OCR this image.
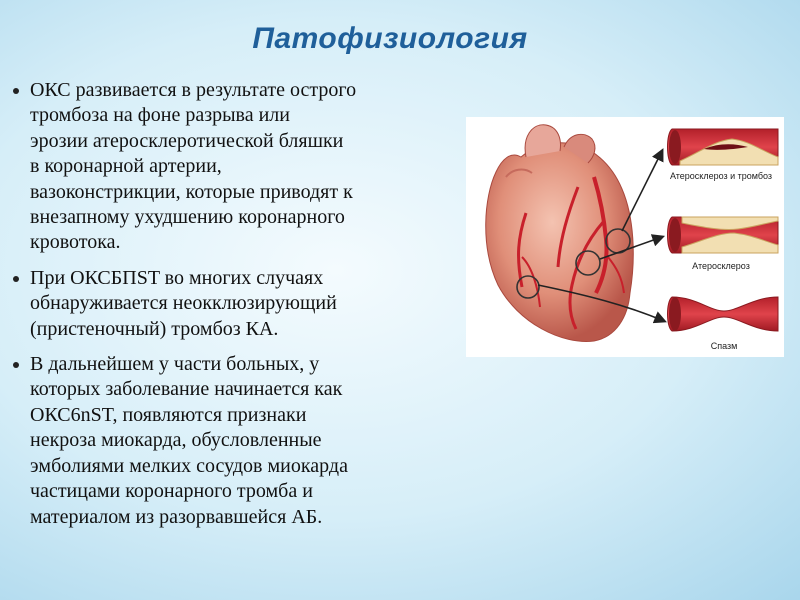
Патофизиология
ОКС развивается в результате острого
тромбоза на фоне разрыва или
эрозии атеросклеротической бляшки
в коронарной артерии,
вазоконстрикции, которые приводят к
внезапному ухудшению коронарного
кровотока.
При ОКСБПST во многих случаях
обнаруживается неокклюзирующий
(пристеночный) тромбоз КА.
В дальнейшем у части больных, у
которых заболевание начинается как
ОКС6nST, появляются признаки
некроза миокарда, обусловленные
эмболиями мелких сосудов миокарда
частицами коронарного тромба и
материалом из разорвавшейся АБ.
Атеросклероз и тромбоз
Атеросклероз
Спазм
